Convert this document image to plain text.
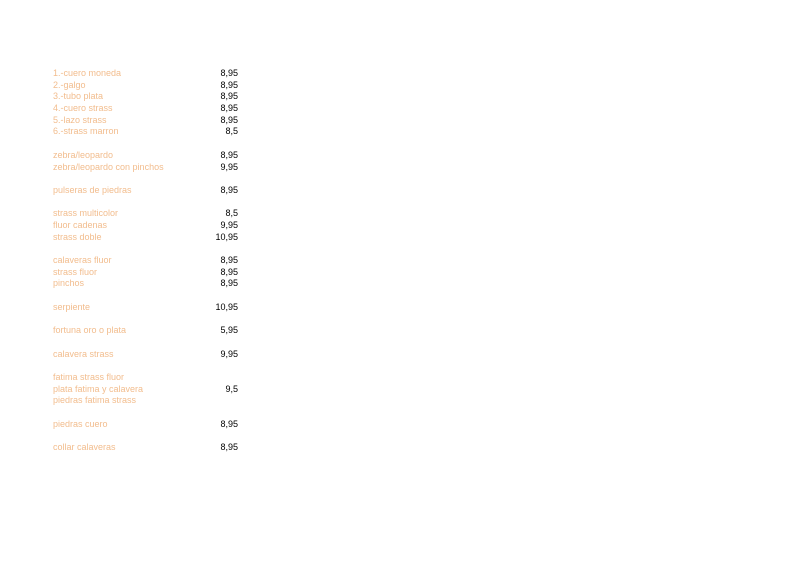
1.-cuero moneda	8,95
2.-galgo	8,95
3.-tubo plata	8,95
4.-cuero strass	8,95
5.-lazo strass	8,95
6.-strass marron	8,5
zebra/leopardo	8,95
zebra/leopardo con pinchos	9,95
pulseras de piedras	8,95
strass multicolor	8,5
fluor cadenas	9,95
strass doble	10,95
calaveras fluor	8,95
strass fluor	8,95
pinchos	8,95
serpiente	10,95
fortuna oro o plata	5,95
calavera strass	9,95
fatima strass fluor
plata fatima y calavera	9,5
piedras fatima strass
piedras cuero	8,95
collar calaveras	8,95
